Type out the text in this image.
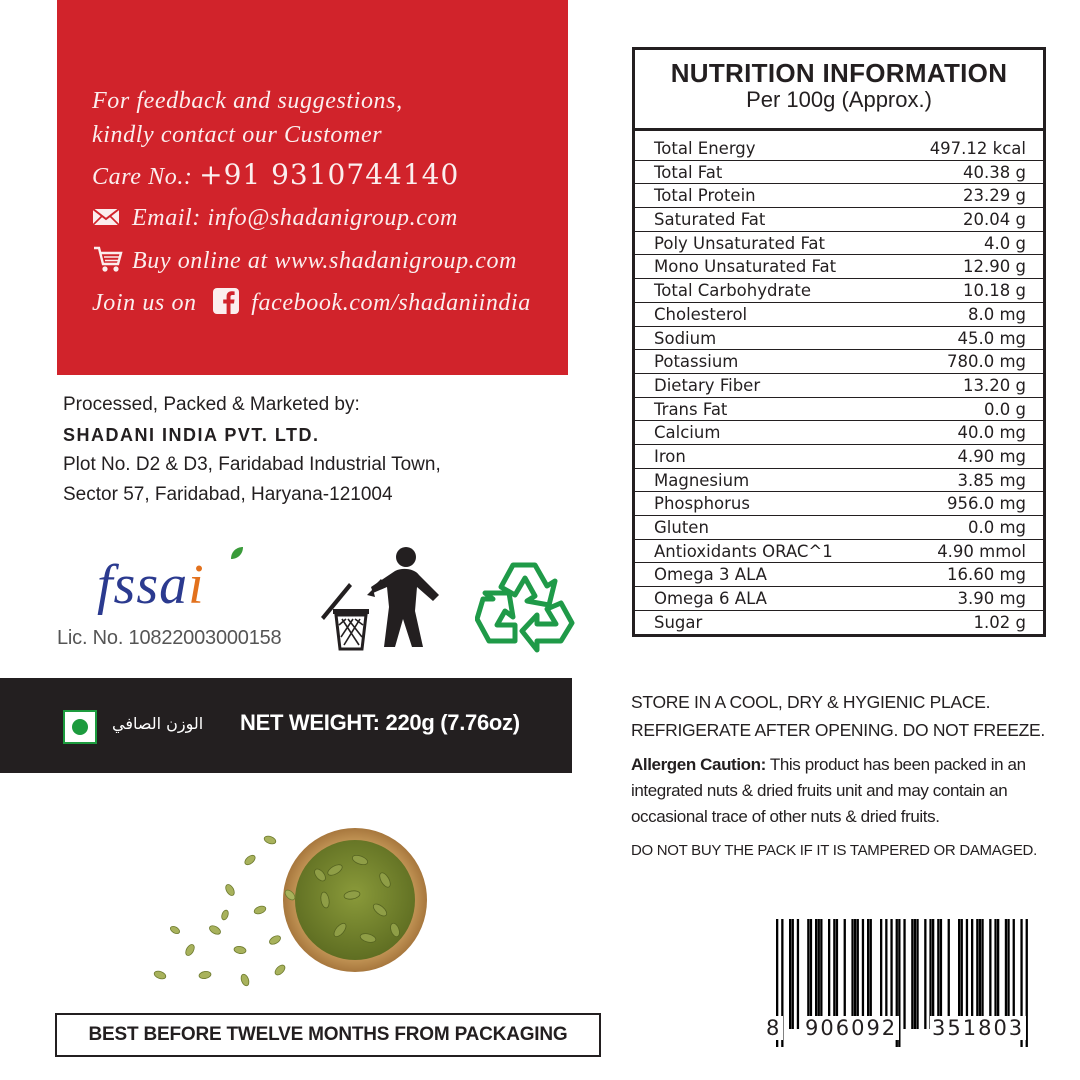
For feedback and suggestions,
kindly contact our Customer
Care No.: +91 9310744140
Email: info@shadanigroup.com
Buy online at www.shadanigroup.com
Join us on facebook.com/shadaniindia
Processed, Packed & Marketed by:
SHADANI INDIA PVT. LTD.
Plot No. D2 & D3, Faridabad Industrial Town,
Sector 57, Faridabad, Haryana-121004
fssai
Lic. No. 10822003000158
الوزن الصافي NET WEIGHT: 220g (7.76oz)
BEST BEFORE TWELVE MONTHS FROM PACKAGING
NUTRITION INFORMATION
Per 100g (Approx.)
Total Energy	497.12 kcal
Total Fat	40.38 g
Total Protein	23.29 g
Saturated Fat	20.04 g
Poly Unsaturated Fat	4.0 g
Mono Unsaturated Fat	12.90 g
Total Carbohydrate	10.18 g
Cholesterol	8.0 mg
Sodium	45.0 mg
Potassium	780.0 mg
Dietary Fiber	13.20 g
Trans Fat	0.0 g
Calcium	40.0 mg
Iron	4.90 mg
Magnesium	3.85 mg
Phosphorus	956.0 mg
Gluten	0.0 mg
Antioxidants ORAC^1	4.90 mmol
Omega 3 ALA	16.60 mg
Omega 6 ALA	3.90 mg
Sugar	1.02 g
STORE IN A COOL, DRY & HYGIENIC PLACE.
REFRIGERATE AFTER OPENING. DO NOT FREEZE.
Allergen Caution: This product has been packed in an integrated nuts & dried fruits unit and may contain an occasional trace of other nuts & dried fruits.
DO NOT BUY THE PACK IF IT IS TAMPERED OR DAMAGED.
8 906092 351803
